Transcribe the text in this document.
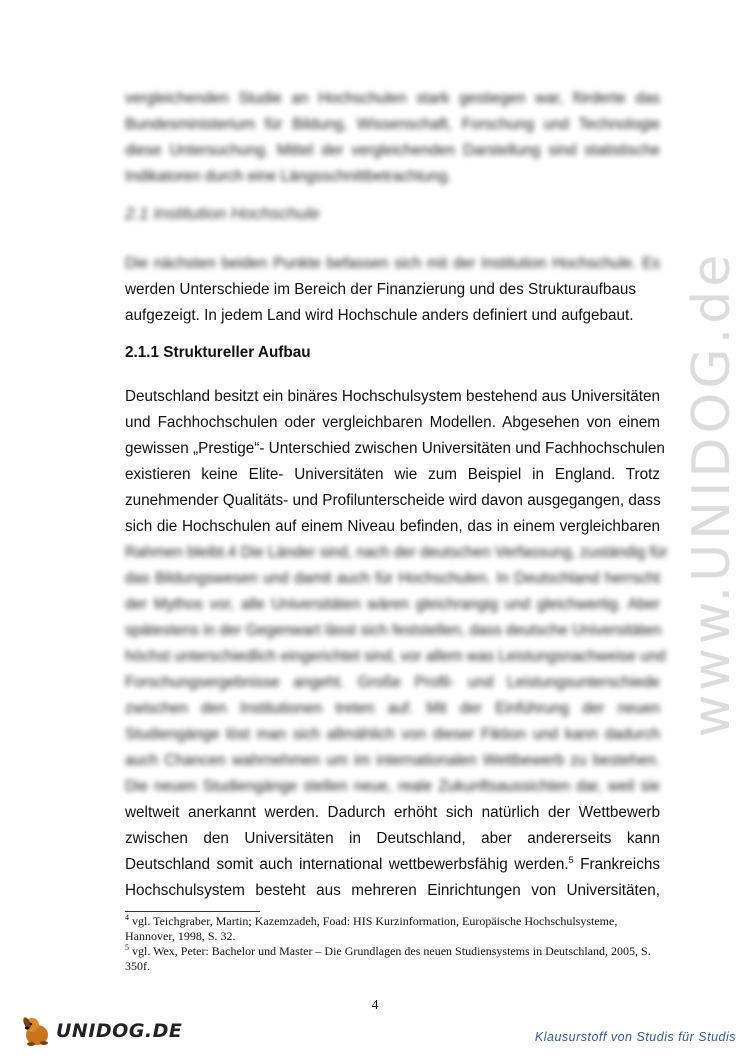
vergleichenden Studie an Hochschulen stark gestiegen war, förderte das
Bundesministerium für Bildung, Wissenschaft, Forschung und Technologie
diese Untersuchung. Mittel der vergleichenden Darstellung sind statistische
Indikatoren durch eine Längsschnittbetrachtung.
2.1 Institution Hochschule
Die nächsten beiden Punkte befassen sich mit der Institution Hochschule. Es
werden Unterschiede im Bereich der Finanzierung und des Strukturaufbaus
aufgezeigt. In jedem Land wird Hochschule anders definiert und aufgebaut.
2.1.1 Struktureller Aufbau
Deutschland besitzt ein binäres Hochschulsystem bestehend aus Universitäten
und Fachhochschulen oder vergleichbaren Modellen. Abgesehen von einem
gewissen „Prestige“- Unterschied zwischen Universitäten und Fachhochschulen
existieren keine Elite- Universitäten wie zum Beispiel in England. Trotz
zunehmender Qualitäts- und Profilunterscheide wird davon ausgegangen, dass
sich die Hochschulen auf einem Niveau befinden, das in einem vergleichbaren
Rahmen bleibt.4 Die Länder sind, nach der deutschen Verfassung, zuständig für
das Bildungswesen und damit auch für Hochschulen. In Deutschland herrscht
der Mythos vor, alle Universitäten wären gleichrangig und gleichwertig. Aber
spätestens in der Gegenwart lässt sich feststellen, dass deutsche Universitäten
höchst unterschiedlich eingerichtet sind, vor allem was Leistungsnachweise und
Forschungsergebnisse angeht. Große Profil- und Leistungsunterschiede
zwischen den Institutionen treten auf. Mit der Einführung der neuen
Studiengänge löst man sich allmählich von dieser Fiktion und kann dadurch
auch Chancen wahrnehmen um im internationalen Wettbewerb zu bestehen.
Die neuen Studiengänge stellen neue, reale Zukunftsaussichten dar, weil sie
weltweit anerkannt werden. Dadurch erhöht sich natürlich der Wettbewerb
zwischen den Universitäten in Deutschland, aber andererseits kann
Deutschland somit auch international wettbewerbsfähig werden.$^5$ Frankreichs
Hochschulsystem besteht aus mehreren Einrichtungen von Universitäten,

$^4$ vgl. Teichgraber, Martin; Kazemzadeh, Foad: HIS Kurzinformation, Europäische Hochschulsysteme, Hannover, 1998, S. 32.

$^5$ vgl. Wex, Peter: Bachelor und Master – Die Grundlagen des neuen Studiensystems in Deutschland, 2005, S. 350f.

4
www.UNIDOG.de
UNIDOG.DE	Klausurstoff von Studis für Studis
